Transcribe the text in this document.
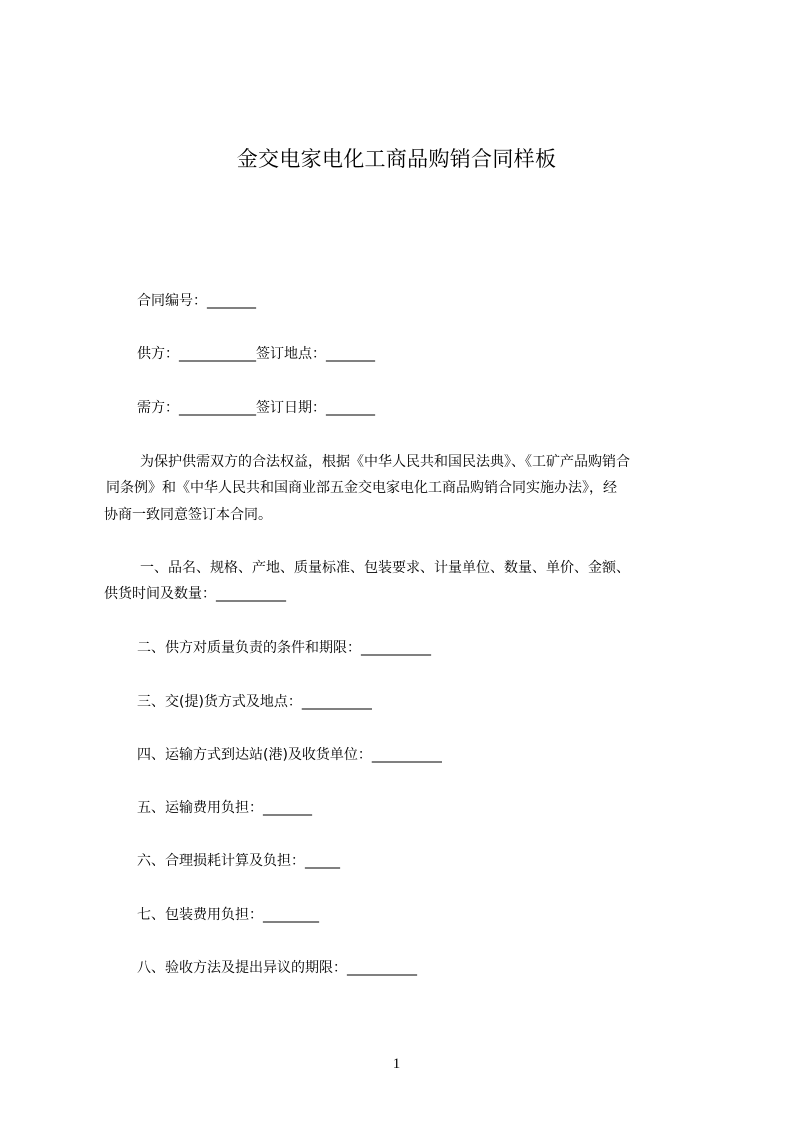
金交电家电化工商品购销合同样板
合同编号：_______
供方：___________签订地点：_______
需方：___________签订日期：_______
为保护供需双方的合法权益，根据《中华人民共和国民法典》、《工矿产品购销合
同条例》和《中华人民共和国商业部五金交电家电化工商品购销合同实施办法》，经
协商一致同意签订本合同。
一、品名、规格、产地、质量标准、包装要求、计量单位、数量、单价、金额、
供货时间及数量：__________
二、供方对质量负责的条件和期限：__________
三、交(提)货方式及地点：__________
四、运输方式到达站(港)及收货单位：__________
五、运输费用负担：_______
六、合理损耗计算及负担：_____
七、包装费用负担：________
八、验收方法及提出异议的期限：__________
1
